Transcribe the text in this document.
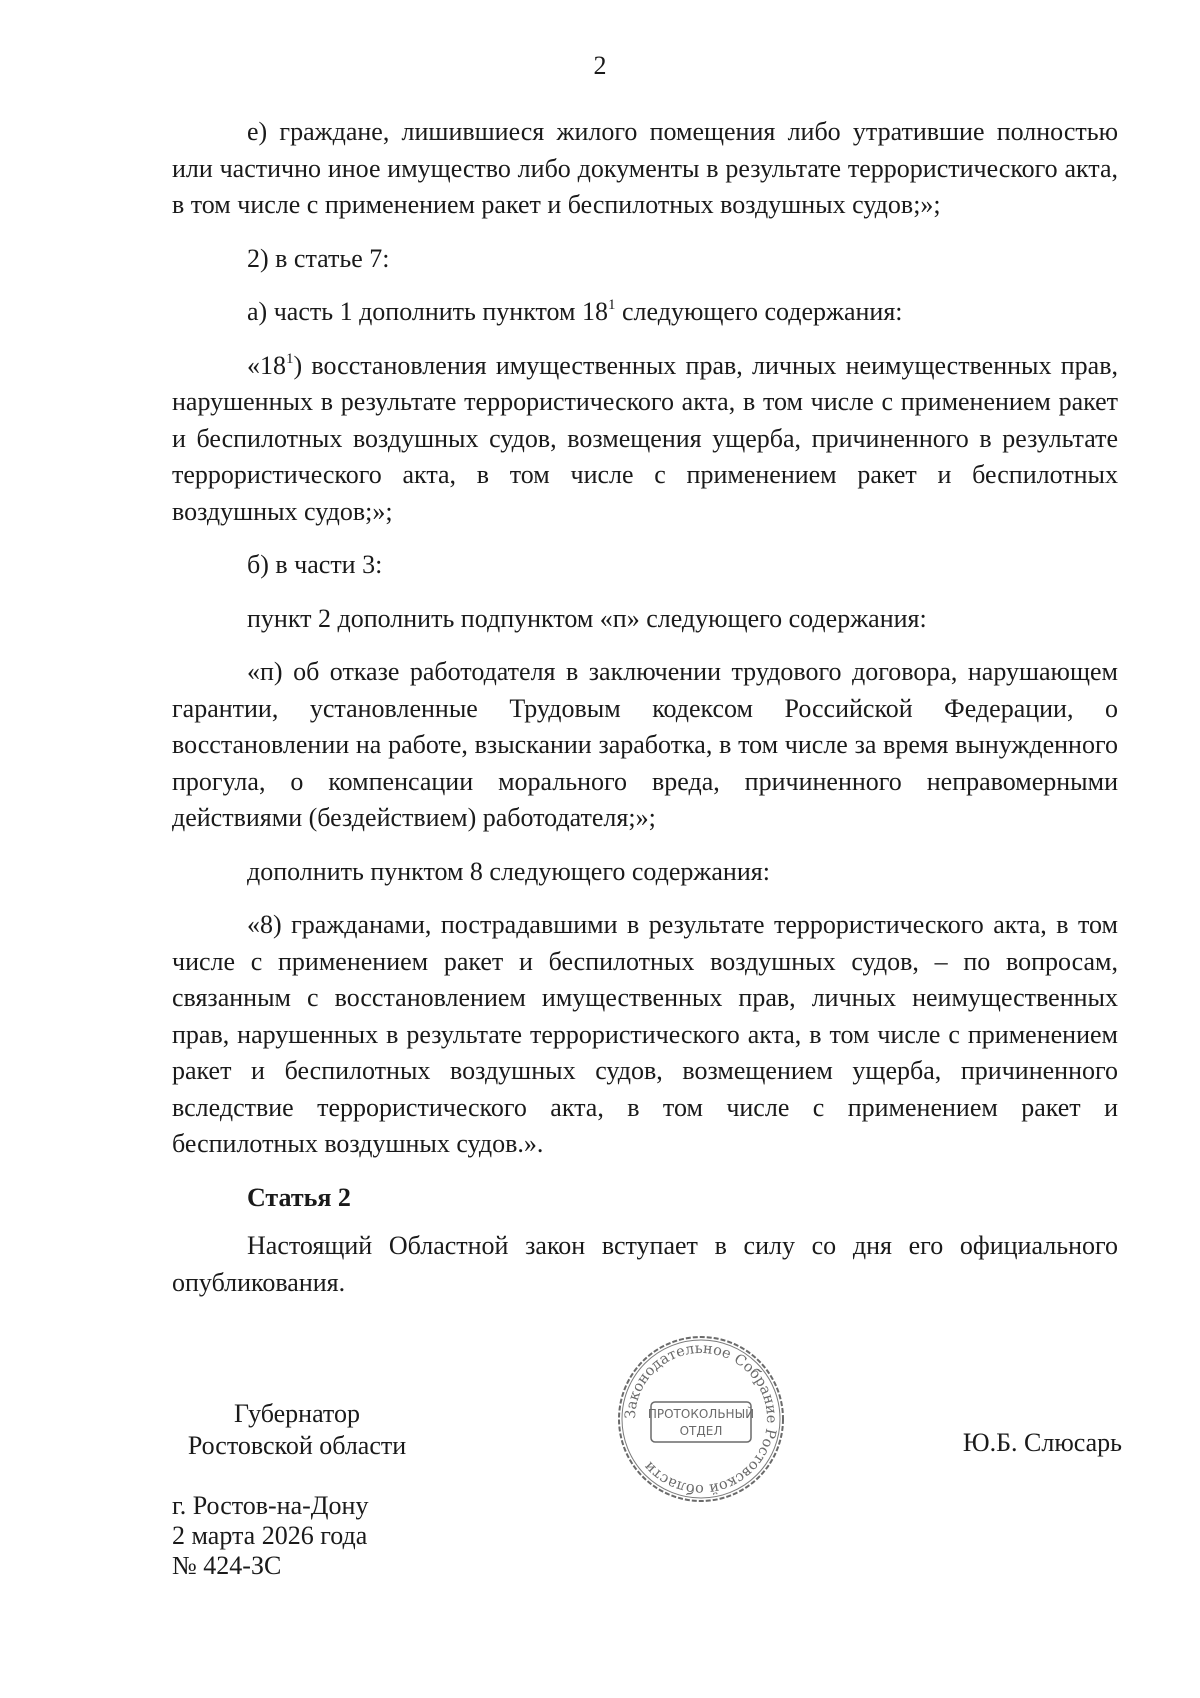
2

е) граждане, лишившиеся жилого помещения либо утратившие полностью или частично иное имущество либо документы в результате террористического акта, в том числе с применением ракет и беспилотных воздушных судов;»;

2) в статье 7:

а) часть 1 дополнить пунктом $18^1$ следующего содержания:

«$18^1$) восстановления имущественных прав, личных неимущественных прав, нарушенных в результате террористического акта, в том числе с применением ракет и беспилотных воздушных судов, возмещения ущерба, причиненного в результате террористического акта, в том числе с применением ракет и беспилотных воздушных судов;»;

б) в части 3:

пункт 2 дополнить подпунктом «п» следующего содержания:

«п) об отказе работодателя в заключении трудового договора, нарушающем гарантии, установленные Трудовым кодексом Российской Федерации, о восстановлении на работе, взыскании заработка, в том числе за время вынужденного прогула, о компенсации морального вреда, причиненного неправомерными действиями (бездействием) работодателя;»;

дополнить пунктом 8 следующего содержания:

«8) гражданами, пострадавшими в результате террористического акта, в том числе с применением ракет и беспилотных воздушных судов, – по вопросам, связанным с восстановлением имущественных прав, личных неимущественных прав, нарушенных в результате террористического акта, в том числе с применением ракет и беспилотных воздушных судов, возмещением ущерба, причиненного вследствие террористического акта, в том числе с применением ракет и беспилотных воздушных судов.».

Статья 2

Настоящий Областной закон вступает в силу со дня его официального опубликования.

Губернатор
Ростовской области
Законодательное Собрание Ростовской области
ПРОТОКОЛЬНЫЙ
ОТДЕЛ	Ю.Б. Слюсарь
г. Ростов-на-Дону
2 марта 2026 года
№ 424-ЗС
